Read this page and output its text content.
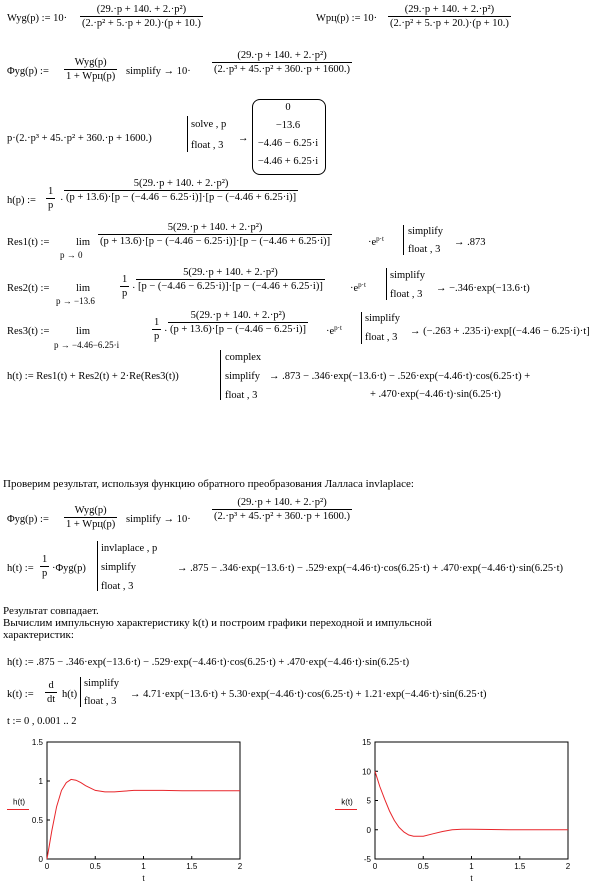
Wyg(p) := 10·
(29.·p + 140. + 2.·p²)
(2.·p² + 5.·p + 20.)·(p + 10.)	Wpц(p) := 10·
(29.·p + 140. + 2.·p²)
(2.·p² + 5.·p + 20.)·(p + 10.)
Φyg(p) :=
Wyg(p)
1 + Wpц(p) simplify → 10·
(29.·p + 140. + 2.·p²)
(2.·p³ + 45.·p² + 360.·p + 1600.)
p·(2.·p³ + 45.·p² + 360.·p + 1600.)
solve , p
float , 3
→
0
−13.6
−4.46 − 6.25·i
−4.46 + 6.25·i
h(p) :=
1
p ·
5(29.·p + 140. + 2.·p²)
(p + 13.6)·[p − (−4.46 − 6.25·i)]·[p − (−4.46 + 6.25·i)]
Res1(t) :=	lim
p → 0
5(29.·p + 140. + 2.·p²)
(p + 13.6)·[p − (−4.46 − 6.25·i)]·[p − (−4.46 + 6.25·i)]	$\cdot e^{p\cdot t}$
simplify
float , 3
→ .873
Res2(t) :=	lim
p → −13.6
1
p ·
5(29.·p + 140. + 2.·p²)
[p − (−4.46 − 6.25·i)]·[p − (−4.46 + 6.25·i)]	$\cdot e^{p\cdot t}$
simplify
float , 3
→ −.346·exp(−13.6·t)
Res3(t) :=	lim
p → −4.46−6.25·i
1
p ·
5(29.·p + 140. + 2.·p²)
$(p + 13.6)\cdot[p - (-4.46 - 6.25\cdot i)] \cdot e^{p\cdot t}$
simplify
float , 3
→ (−.263 + .235·i)·exp[(−4.46 − 6.25·i)·t]
h(t) := Res1(t) + Res2(t) + 2·Re(Res3(t))
complex
simplify
float , 3
→ .873 − .346·exp(−13.6·t) − .526·exp(−4.46·t)·cos(6.25·t) +
+ .470·exp(−4.46·t)·sin(6.25·t)
Проверим результат, используя функцию обратного преобразования Лалласа invlaplace:
Φyg(p) :=
Wyg(p)
1 + Wpц(p) simplify → 10·
(29.·p + 140. + 2.·p²)
(2.·p³ + 45.·p² + 360.·p + 1600.)
h(t) :=
1
p ·Φyg(p)
invlaplace , p
simplify
float , 3
→ .875 − .346·exp(−13.6·t) − .529·exp(−4.46·t)·cos(6.25·t) + .470·exp(−4.46·t)·sin(6.25·t)
Результат совпадает.
Вычислим импульсную характеристику k(t) и построим графики переходной и импульсной
характеристик:
h(t) := .875 − .346·exp(−13.6·t) − .529·exp(−4.46·t)·cos(6.25·t) + .470·exp(−4.46·t)·sin(6.25·t)
k(t) :=
d
dt h(t)
simplify
float , 3
→ 4.71·exp(−13.6·t) + 5.30·exp(−4.46·t)·cos(6.25·t) + 1.21·exp(−4.46·t)·sin(6.25·t)
t := 0 , 0.001 .. 2
0	0.5	1	1.5	2
0
0.5
1
1.5
t
h(t)
0	0.5	1	1.5	2
-5
0
5
10
15
t
k(t)
